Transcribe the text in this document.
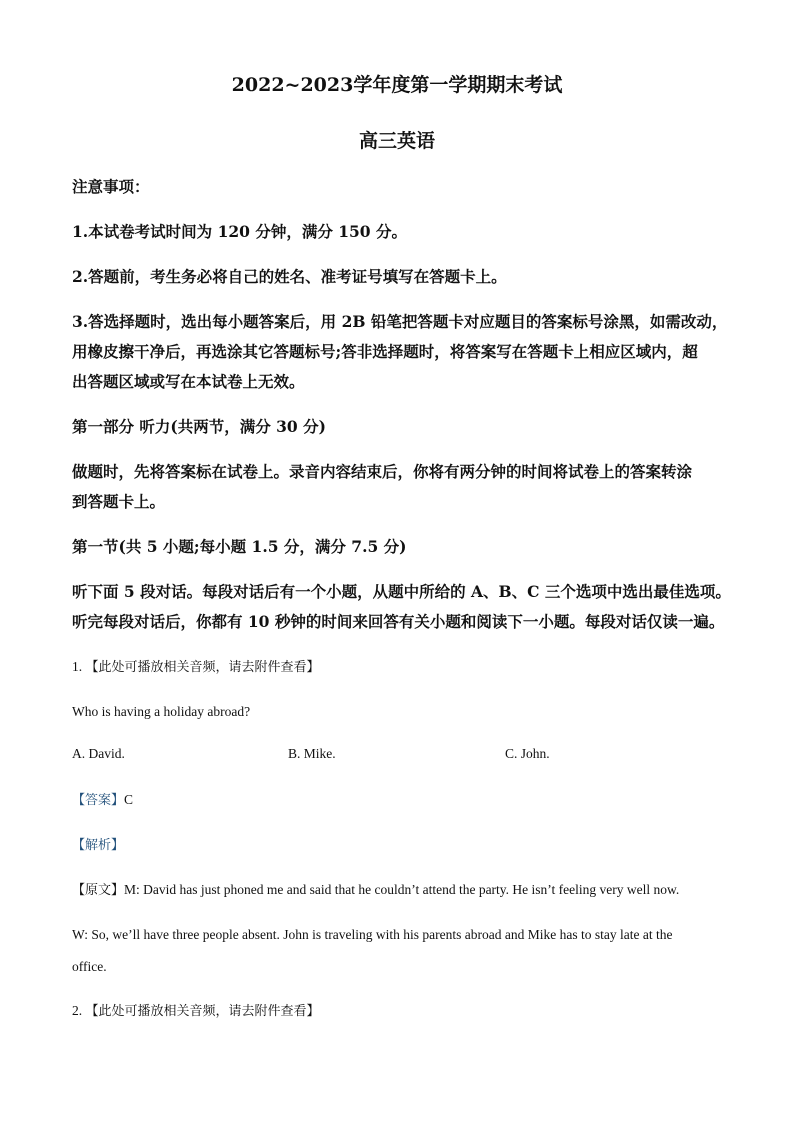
2022~2023学年度第一学期期末考试
高三英语
注意事项：
1.本试卷考试时间为 120 分钟，满分 150 分。
2.答题前，考生务必将自己的姓名、准考证号填写在答题卡上。
3.答选择题时，选出每小题答案后，用 2B 铅笔把答题卡对应题目的答案标号涂黑，如需改动，
用橡皮擦干净后，再选涂其它答题标号;答非选择题时，将答案写在答题卡上相应区域内，超
出答题区域或写在本试卷上无效。
第一部分 听力(共两节，满分 30 分)
做题时，先将答案标在试卷上。录音内容结束后，你将有两分钟的时间将试卷上的答案转涂
到答题卡上。
第一节(共 5 小题;每小题 1.5 分，满分 7.5 分)
听下面 5 段对话。每段对话后有一个小题，从题中所给的 A、B、C 三个选项中选出最佳选项。
听完每段对话后，你都有 10 秒钟的时间来回答有关小题和阅读下一小题。每段对话仅读一遍。
1. 【此处可播放相关音频，请去附件查看】
Who is having a holiday abroad?
A. David.	B. Mike.	C. John.
【答案】C
【解析】
【原文】M: David has just phoned me and said that he couldn’t attend the party. He isn’t feeling very well now.
W: So, we’ll have three people absent. John is traveling with his parents abroad and Mike has to stay late at the
office.
2. 【此处可播放相关音频，请去附件查看】
